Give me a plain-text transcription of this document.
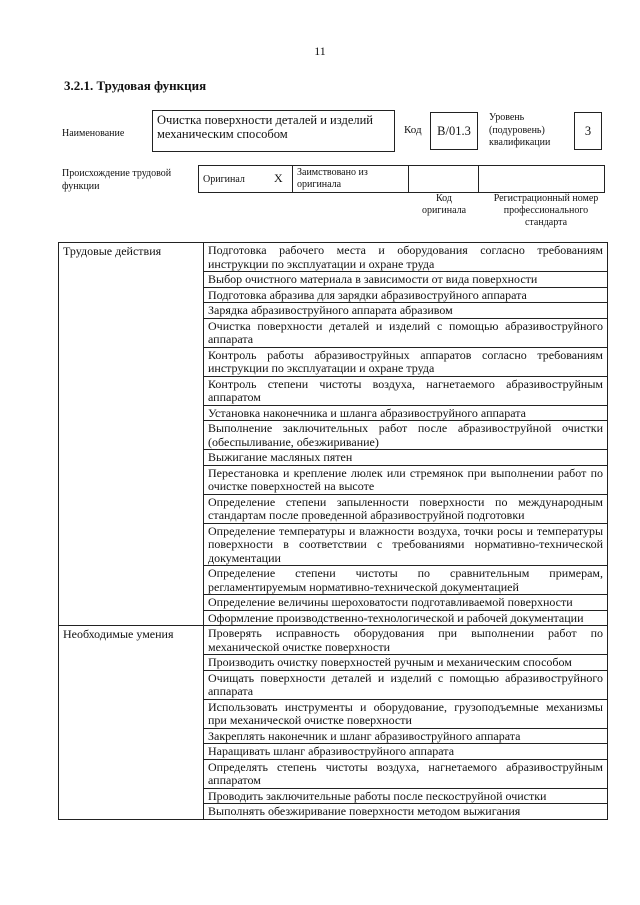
11
3.2.1. Трудовая функция
Наименование
Очистка поверхности деталей и изделий механическим способом	Код B/01.3
Уровень (подуровень) квалификации
3
Происхождение трудовой функции
Оригинал X Заимствовано из оригинала
Код оригинала
Регистрационный номер профессионального стандарта
Трудовые действия	Подготовка рабочего места и оборудования согласно требованиям инструкции по эксплуатации и охране труда
	Выбор очистного материала в зависимости от вида поверхности
	Подготовка абразива для зарядки абразивоструйного аппарата
	Зарядка абразивоструйного аппарата абразивом
	Очистка поверхности деталей и изделий с помощью абразивоструйного аппарата
	Контроль работы абразивоструйных аппаратов согласно требованиям инструкции по эксплуатации и охране труда
	Контроль степени чистоты воздуха, нагнетаемого абразивоструйным аппаратом
	Установка наконечника и шланга абразивоструйного аппарата
	Выполнение заключительных работ после абразивоструйной очистки (обеспыливание, обезжиривание)
	Выжигание масляных пятен
	Перестановка и крепление люлек или стремянок при выполнении работ по очистке поверхностей на высоте
	Определение степени запыленности поверхности по международным стандартам после проведенной абразивоструйной подготовки
	Определение температуры и влажности воздуха, точки росы и температуры поверхности в соответствии с требованиями нормативно-технической документации
	Определение степени чистоты по сравнительным примерам, регламентируемым нормативно-технической документацией
	Определение величины шероховатости подготавливаемой поверхности
	Оформление производственно-технологической и рабочей документации
Необходимые умения	Проверять исправность оборудования при выполнении работ по механической очистке поверхности
	Производить очистку поверхностей ручным и механическим способом
	Очищать поверхности деталей и изделий с помощью абразивоструйного аппарата
	Использовать инструменты и оборудование, грузоподъемные механизмы при механической очистке поверхности
	Закреплять наконечник и шланг абразивоструйного аппарата
	Наращивать шланг абразивоструйного аппарата
	Определять степень чистоты воздуха, нагнетаемого абразивоструйным аппаратом
	Проводить заключительные работы после пескоструйной очистки
	Выполнять обезжиривание поверхности методом выжигания
